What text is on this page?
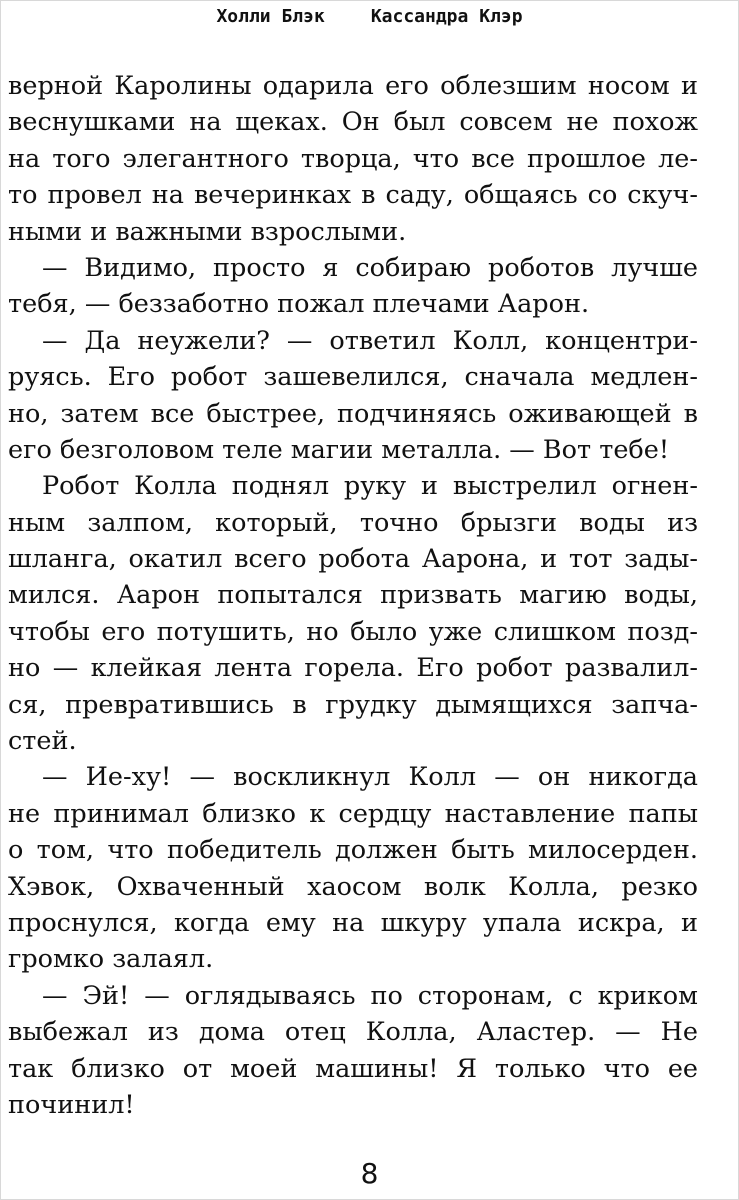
Холли Блэк	Кассандра Клэр
верной Каролины одарила его облезшим носом и
веснушками на щеках. Он был совсем не похож
на того элегантного творца, что все прошлое ле-
то провел на вечеринках в саду, общаясь со скуч-
ными и важными взрослыми.
— Видимо, просто я собираю роботов лучше
тебя, — беззаботно пожал плечами Аарон.
— Да неужели? — ответил Колл, концентри-
руясь. Его робот зашевелился, сначала медлен-
но, затем все быстрее, подчиняясь оживающей в
его безголовом теле магии металла. — Вот тебе!
Робот Колла поднял руку и выстрелил огнен-
ным залпом, который, точно брызги воды из
шланга, окатил всего робота Аарона, и тот зады-
мился. Аарон попытался призвать магию воды,
чтобы его потушить, но было уже слишком позд-
но — клейкая лента горела. Его робот развалил-
ся, превратившись в грудку дымящихся запча-
стей.
— Ие-ху! — воскликнул Колл — он никогда
не принимал близко к сердцу наставление папы
о том, что победитель должен быть милосерден.
Хэвок, Охваченный хаосом волк Колла, резко
проснулся, когда ему на шкуру упала искра, и
громко залаял.
— Эй! — оглядываясь по сторонам, с криком
выбежал из дома отец Колла, Аластер. — Не
так близко от моей машины! Я только что ее
починил!
8
